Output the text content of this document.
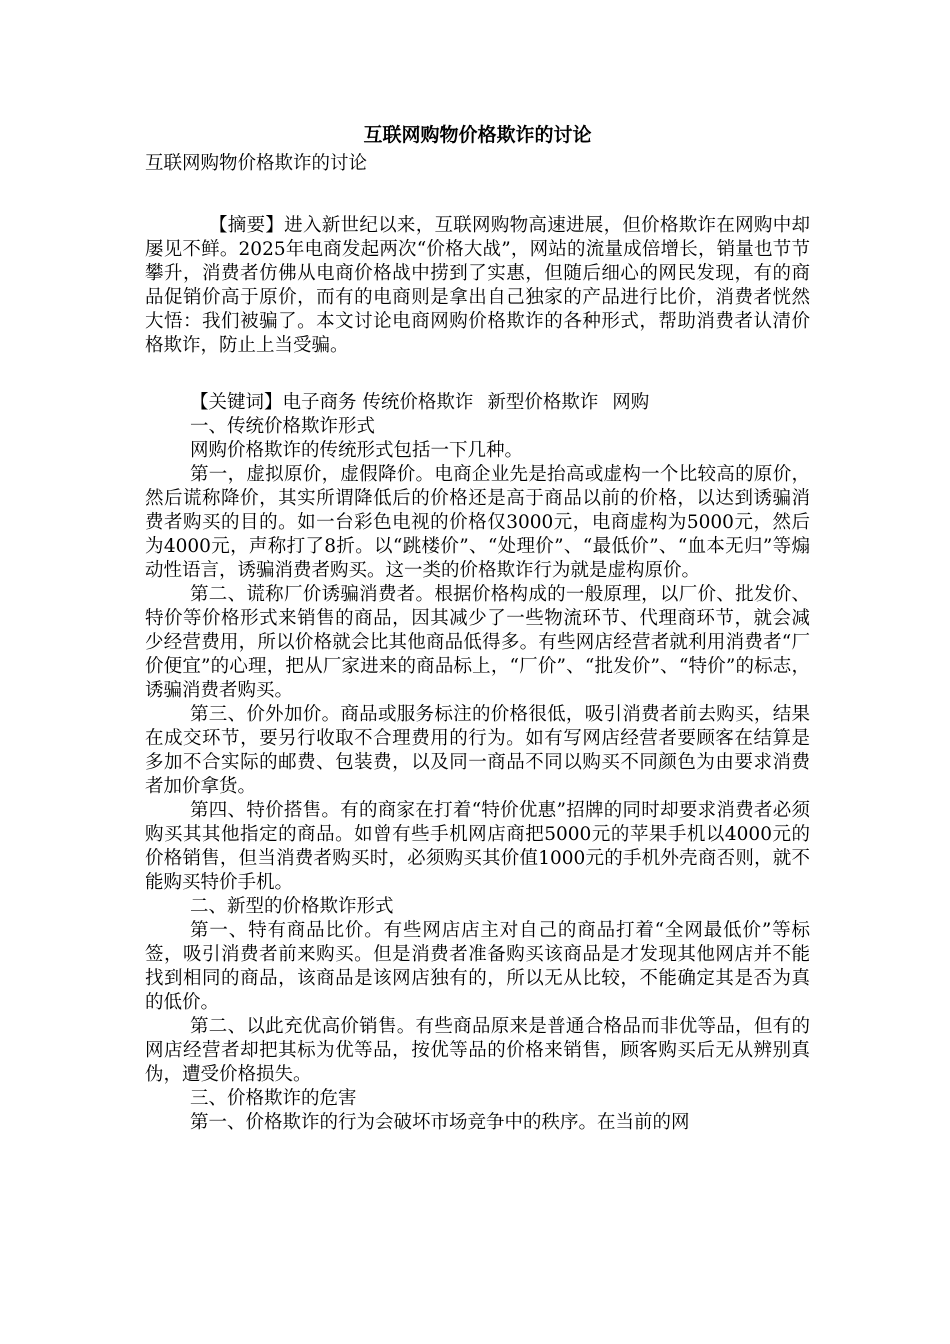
互联网购物价格欺诈的讨论

互联网购物价格欺诈的讨论

【摘要】进入新世纪以来，互联网购物高速进展，但价格欺诈在网购中却屡见不鲜。2025年电商发起两次“价格大战”，网站的流量成倍增长，销量也节节攀升，消费者仿佛从电商价格战中捞到了实惠，但随后细心的网民发现，有的商品促销价高于原价，而有的电商则是拿出自己独家的产品进行比价，消费者恍然大悟：我们被骗了。本文讨论电商网购价格欺诈的各种形式，帮助消费者认清价格欺诈，防止上当受骗。

【关键词】电子商务 传统价格欺诈 新型价格欺诈 网购

一、传统价格欺诈形式

网购价格欺诈的传统形式包括一下几种。

第一，虚拟原价，虚假降价。电商企业先是抬高或虚构一个比较高的原价，然后谎称降价，其实所谓降低后的价格还是高于商品以前的价格，以达到诱骗消费者购买的目的。如一台彩色电视的价格仅3000元，电商虚构为5000元，然后为4000元，声称打了8折。以“跳楼价”、“处理价”、“最低价”、“血本无归”等煽动性语言，诱骗消费者购买。这一类的价格欺诈行为就是虚构原价。

第二、谎称厂价诱骗消费者。根据价格构成的一般原理，以厂价、批发价、特价等价格形式来销售的商品，因其减少了一些物流环节、代理商环节，就会减少经营费用，所以价格就会比其他商品低得多。有些网店经营者就利用消费者“厂价便宜”的心理，把从厂家进来的商品标上，“厂价”、“批发价”、“特价”的标志，诱骗消费者购买。

第三、价外加价。商品或服务标注的价格很低，吸引消费者前去购买，结果在成交环节，要另行收取不合理费用的行为。如有写网店经营者要顾客在结算是多加不合实际的邮费、包装费，以及同一商品不同以购买不同颜色为由要求消费者加价拿货。

第四、特价搭售。有的商家在打着“特价优惠”招牌的同时却要求消费者必须购买其其他指定的商品。如曾有些手机网店商把5000元的苹果手机以4000元的价格销售，但当消费者购买时，必须购买其价值1000元的手机外壳商否则，就不能购买特价手机。

二、新型的价格欺诈形式

第一、特有商品比价。有些网店店主对自己的商品打着“全网最低价”等标签，吸引消费者前来购买。但是消费者准备购买该商品是才发现其他网店并不能找到相同的商品，该商品是该网店独有的，所以无从比较，不能确定其是否为真的低价。

第二、以此充优高价销售。有些商品原来是普通合格品而非优等品，但有的网店经营者却把其标为优等品，按优等品的价格来销售，顾客购买后无从辨别真伪，遭受价格损失。

三、价格欺诈的危害

第一、价格欺诈的行为会破坏市场竞争中的秩序。在当前的网
